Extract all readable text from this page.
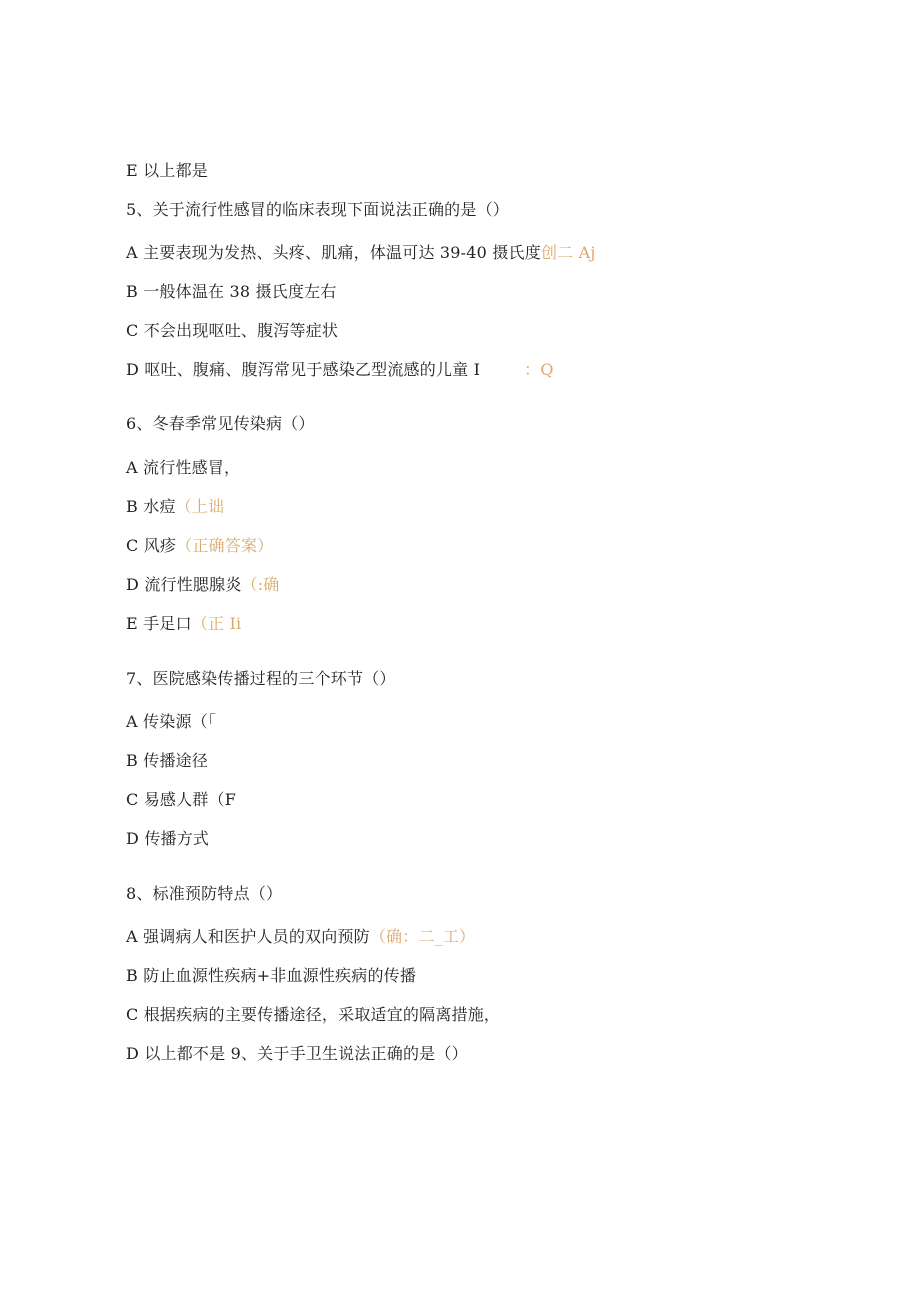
E 以上都是
5、关于流行性感冒的临床表现下面说法正确的是（）
A 主要表现为发热、头疼、肌痛，体温可达 39-40 摄氏度创二 Aj
B 一般体温在 38 摄氏度左右
C 不会出现呕吐、腹泻等症状
D 呕吐、腹痛、腹泻常见于感染乙型流感的儿童 I	：Q
6、冬春季常见传染病（）
A 流行性感冒，
B 水痘（上诎
C 风疹（正确答案）
D 流行性腮腺炎（:确
E 手足口（正 Ii
7、医院感染传播过程的三个环节（）
A 传染源（「
B 传播途径
C 易感人群（F
D 传播方式
8、标准预防特点（）
A 强调病人和医护人员的双向预防（确：二_工）
B 防止血源性疾病+非血源性疾病的传播
C 根据疾病的主要传播途径，采取适宜的隔离措施，
D 以上都不是 9、关于手卫生说法正确的是（）
